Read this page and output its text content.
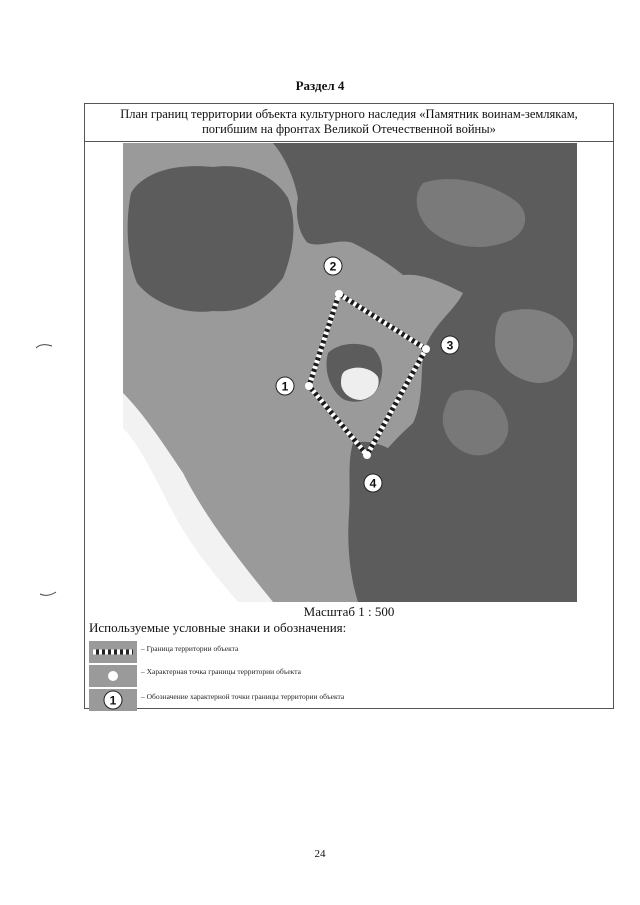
Раздел 4
План границ территории объекта культурного наследия «Памятник воинам-землякам,
погибшим на фронтах Великой Отечественной войны»
1
2
3
4
Масштаб 1 : 500
Используемые условные знаки и обозначения:
– Граница территории объекта
– Характерная точка границы территории объекта
1	– Обозначение характерной точки границы территории объекта
24
